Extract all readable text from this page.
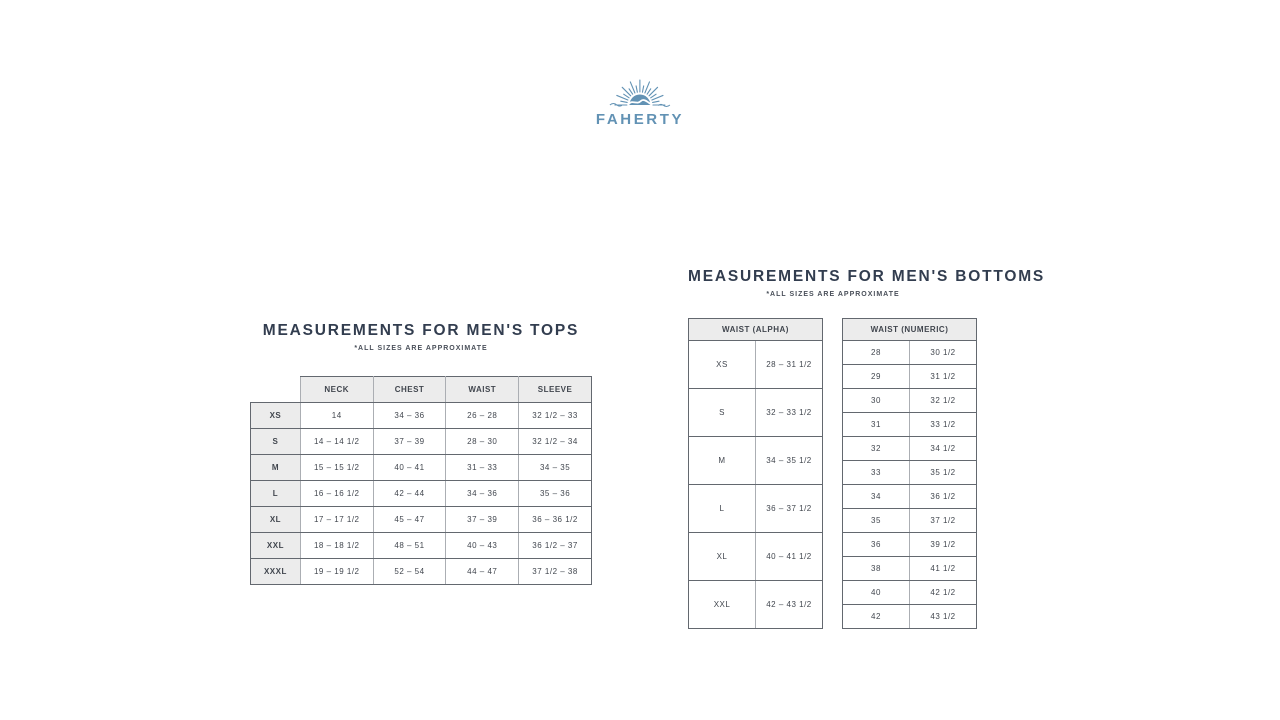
FAHERTY
MEASUREMENTS FOR MEN'S TOPS
*ALL SIZES ARE APPROXIMATE
	NECK	CHEST	WAIST	SLEEVE
XS	14	34 – 36	26 – 28	32 1/2 – 33
S	14 – 14 1/2	37 – 39	28 – 30	32 1/2 – 34
M	15 – 15 1/2	40 – 41	31 – 33	34 – 35
L	16 – 16 1/2	42 – 44	34 – 36	35 – 36
XL	17 – 17 1/2	45 – 47	37 – 39	36 – 36 1/2
XXL	18 – 18 1/2	48 – 51	40 – 43	36 1/2 – 37
XXXL	19 – 19 1/2	52 – 54	44 – 47	37 1/2 – 38
MEASUREMENTS FOR MEN'S BOTTOMS
*ALL SIZES ARE APPROXIMATE
WAIST (ALPHA)	
XS	28 – 31 1/2
S	32 – 33 1/2
M	34 – 35 1/2
L	36 – 37 1/2
XL	40 – 41 1/2
XXL	42 – 43 1/2
WAIST (NUMERIC)	
28	30 1/2
29	31 1/2
30	32 1/2
31	33 1/2
32	34 1/2
33	35 1/2
34	36 1/2
35	37 1/2
36	39 1/2
38	41 1/2
40	42 1/2
42	43 1/2
